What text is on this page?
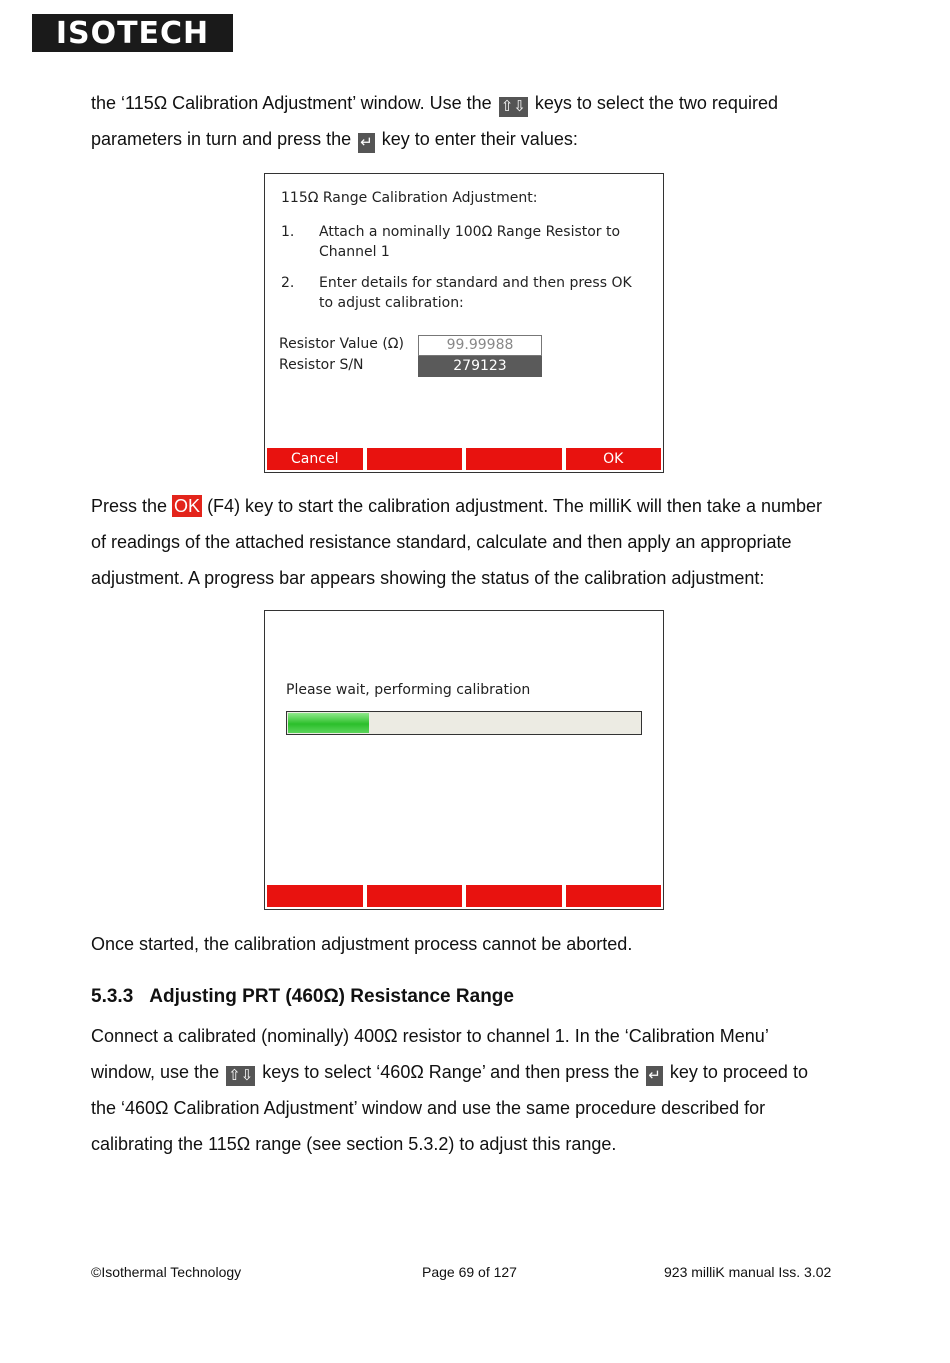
ISOTECH
the ‘115Ω Calibration Adjustment’ window. Use the ⇧⇩ keys to select the two required
parameters in turn and press the ↵ key to enter their values:
115Ω Range Calibration Adjustment:
1. Attach a nominally 100Ω Range Resistor to
Channel 1
2. Enter details for standard and then press OK
to adjust calibration:
Resistor Value (Ω)	99.99988
Resistor S/N	279123
Cancel	OK
Press the OK (F4) key to start the calibration adjustment. The milliK will then take a number
of readings of the attached resistance standard, calculate and then apply an appropriate
adjustment. A progress bar appears showing the status of the calibration adjustment:
Please wait, performing calibration
Once started, the calibration adjustment process cannot be aborted.
5.3.3 Adjusting PRT (460Ω) Resistance Range
Connect a calibrated (nominally) 400Ω resistor to channel 1. In the ‘Calibration Menu’
window, use the ⇧⇩ keys to select ‘460Ω Range’ and then press the ↵ key to proceed to
the ‘460Ω Calibration Adjustment’ window and use the same procedure described for
calibrating the 115Ω range (see section 5.3.2) to adjust this range.
©Isothermal Technology	Page 69 of 127	923 milliK manual Iss. 3.02
